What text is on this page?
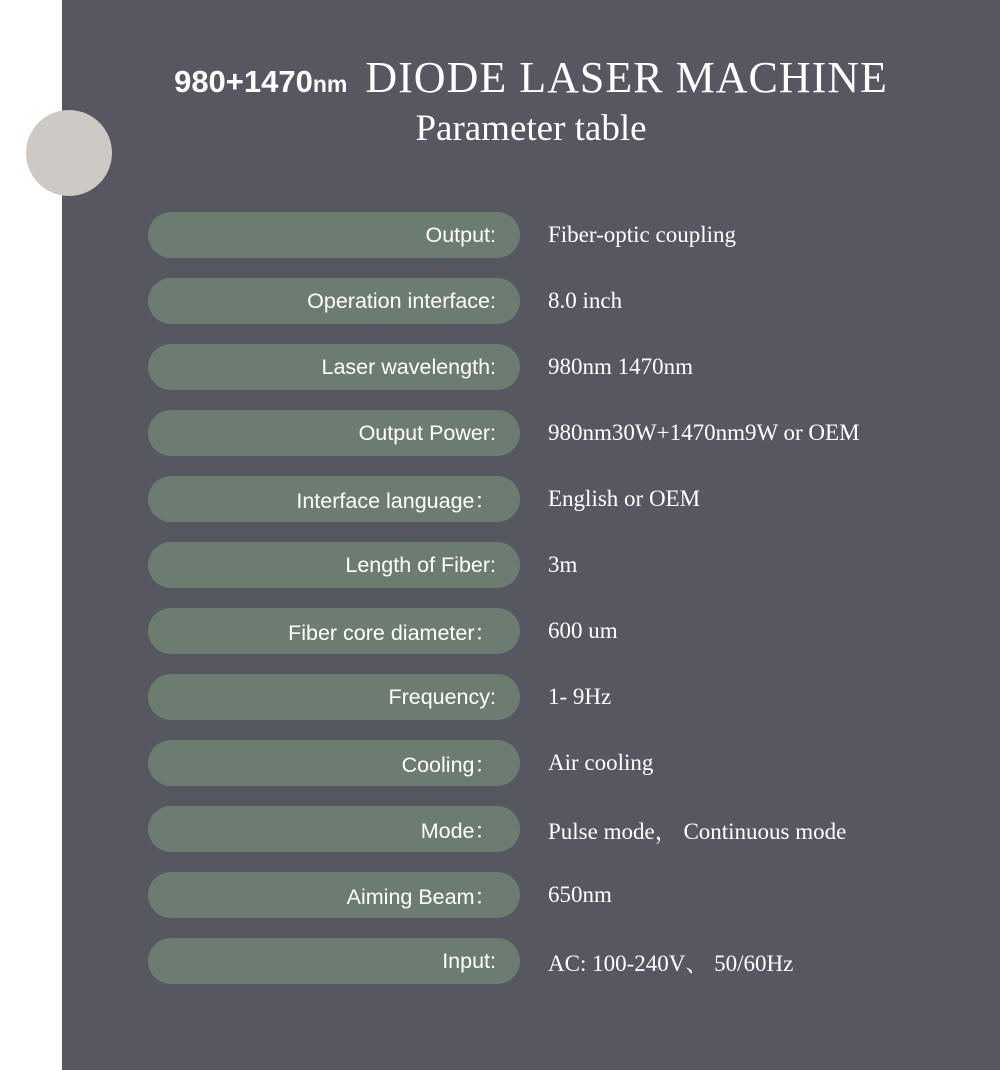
980+1470nm DIODE LASER MACHINE
Parameter table
Output: Fiber-optic coupling
Operation interface: 8.0 inch
Laser wavelength: 980nm 1470nm
Output Power: 980nm30W+1470nm9W or OEM
Interface language： English or OEM
Length of Fiber: 3m
Fiber core diameter： 600 um
Frequency: 1- 9Hz
Cooling： Air cooling
Mode： Pulse mode， Continuous mode
Aiming Beam： 650nm
Input: AC: 100-240V、 50/60Hz
